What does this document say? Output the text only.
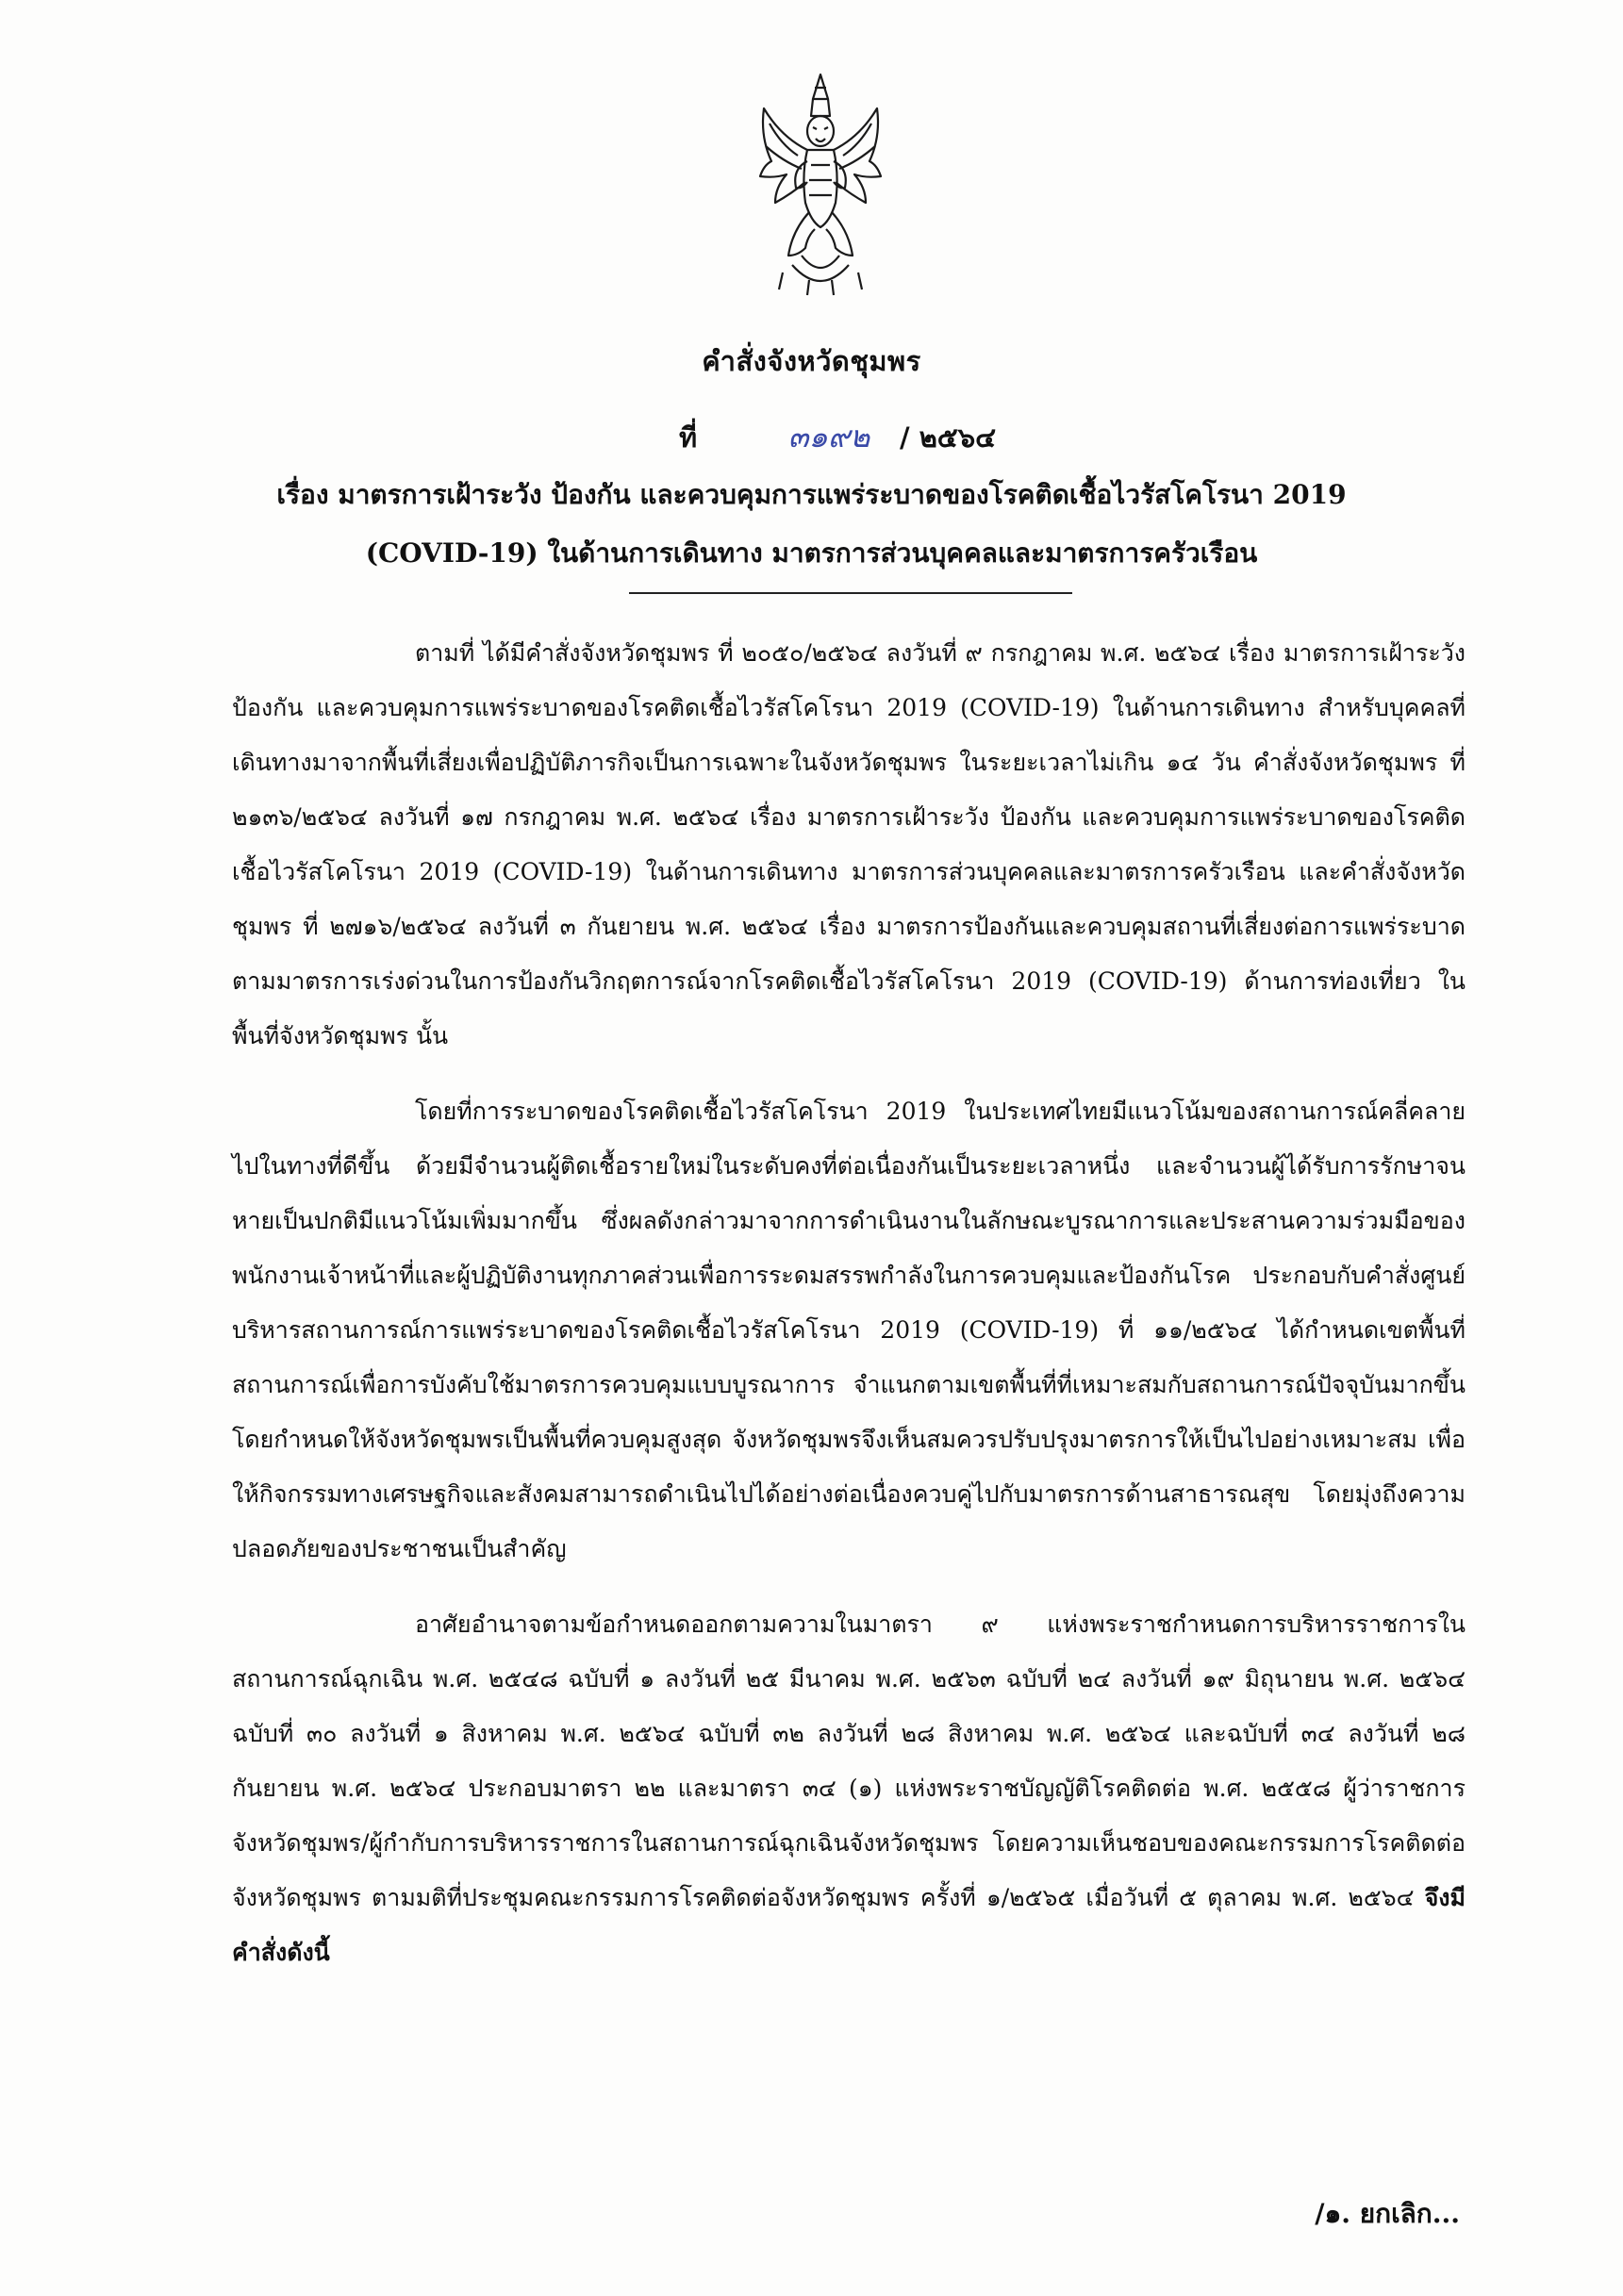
คำสั่งจังหวัดชุมพร
ที่	๓๑๙๒ / ๒๕๖๔
เรื่อง มาตรการเฝ้าระวัง ป้องกัน และควบคุมการแพร่ระบาดของโรคติดเชื้อไวรัสโคโรนา 2019
(COVID-19) ในด้านการเดินทาง มาตรการส่วนบุคคลและมาตรการครัวเรือน

ตามที่ ได้มีคำสั่งจังหวัดชุมพร ที่ ๒๐๕๐/๒๕๖๔ ลงวันที่ ๙ กรกฎาคม พ.ศ. ๒๕๖๔ เรื่อง มาตรการเฝ้าระวัง ป้องกัน และควบคุมการแพร่ระบาดของโรคติดเชื้อไวรัสโคโรนา 2019 (COVID-19) ในด้านการเดินทาง สำหรับบุคคลที่เดินทางมาจากพื้นที่เสี่ยงเพื่อปฏิบัติภารกิจเป็นการเฉพาะในจังหวัดชุมพร ในระยะเวลาไม่เกิน ๑๔ วัน คำสั่งจังหวัดชุมพร ที่ ๒๑๓๖/๒๕๖๔ ลงวันที่ ๑๗ กรกฎาคม พ.ศ. ๒๕๖๔ เรื่อง มาตรการเฝ้าระวัง ป้องกัน และควบคุมการแพร่ระบาดของโรคติดเชื้อไวรัสโคโรนา 2019 (COVID-19) ในด้านการเดินทาง มาตรการส่วนบุคคลและมาตรการครัวเรือน และคำสั่งจังหวัดชุมพร ที่ ๒๗๑๖/๒๕๖๔ ลงวันที่ ๓ กันยายน พ.ศ. ๒๕๖๔ เรื่อง มาตรการป้องกันและควบคุมสถานที่เสี่ยงต่อการแพร่ระบาดตามมาตรการเร่งด่วนในการป้องกันวิกฤตการณ์จากโรคติดเชื้อไวรัสโคโรนา 2019 (COVID-19) ด้านการท่องเที่ยว ในพื้นที่จังหวัดชุมพร นั้น

โดยที่การระบาดของโรคติดเชื้อไวรัสโคโรนา 2019 ในประเทศไทยมีแนวโน้มของสถานการณ์คลี่คลายไปในทางที่ดีขึ้น ด้วยมีจำนวนผู้ติดเชื้อรายใหม่ในระดับคงที่ต่อเนื่องกันเป็นระยะเวลาหนึ่ง และจำนวนผู้ได้รับการรักษาจนหายเป็นปกติมีแนวโน้มเพิ่มมากขึ้น ซึ่งผลดังกล่าวมาจากการดำเนินงานในลักษณะบูรณาการและประสานความร่วมมือของพนักงานเจ้าหน้าที่และผู้ปฏิบัติงานทุกภาคส่วนเพื่อการระดมสรรพกำลังในการควบคุมและป้องกันโรค ประกอบกับคำสั่งศูนย์บริหารสถานการณ์การแพร่ระบาดของโรคติดเชื้อไวรัสโคโรนา 2019 (COVID-19) ที่ ๑๑/๒๕๖๔ ได้กำหนดเขตพื้นที่สถานการณ์เพื่อการบังคับใช้มาตรการควบคุมแบบบูรณาการ จำแนกตามเขตพื้นที่ที่เหมาะสมกับสถานการณ์ปัจจุบันมากขึ้น โดยกำหนดให้จังหวัดชุมพรเป็นพื้นที่ควบคุมสูงสุด จังหวัดชุมพรจึงเห็นสมควรปรับปรุงมาตรการให้เป็นไปอย่างเหมาะสม เพื่อให้กิจกรรมทางเศรษฐกิจและสังคมสามารถดำเนินไปได้อย่างต่อเนื่องควบคู่ไปกับมาตรการด้านสาธารณสุข โดยมุ่งถึงความปลอดภัยของประชาชนเป็นสำคัญ

อาศัยอำนาจตามข้อกำหนดออกตามความในมาตรา ๙ แห่งพระราชกำหนดการบริหารราชการในสถานการณ์ฉุกเฉิน พ.ศ. ๒๕๔๘ ฉบับที่ ๑ ลงวันที่ ๒๕ มีนาคม พ.ศ. ๒๕๖๓ ฉบับที่ ๒๔ ลงวันที่ ๑๙ มิถุนายน พ.ศ. ๒๕๖๔ ฉบับที่ ๓๐ ลงวันที่ ๑ สิงหาคม พ.ศ. ๒๕๖๔ ฉบับที่ ๓๒ ลงวันที่ ๒๘ สิงหาคม พ.ศ. ๒๕๖๔ และฉบับที่ ๓๔ ลงวันที่ ๒๘ กันยายน พ.ศ. ๒๕๖๔ ประกอบมาตรา ๒๒ และมาตรา ๓๔ (๑) แห่งพระราชบัญญัติโรคติดต่อ พ.ศ. ๒๕๕๘ ผู้ว่าราชการจังหวัดชุมพร/ผู้กำกับการบริหารราชการในสถานการณ์ฉุกเฉินจังหวัดชุมพร โดยความเห็นชอบของคณะกรรมการโรคติดต่อจังหวัดชุมพร ตามมติที่ประชุมคณะกรรมการโรคติดต่อจังหวัดชุมพร ครั้งที่ ๑/๒๕๖๕ เมื่อวันที่ ๕ ตุลาคม พ.ศ. ๒๕๖๔ จึงมีคำสั่งดังนี้

/๑. ยกเลิก...
